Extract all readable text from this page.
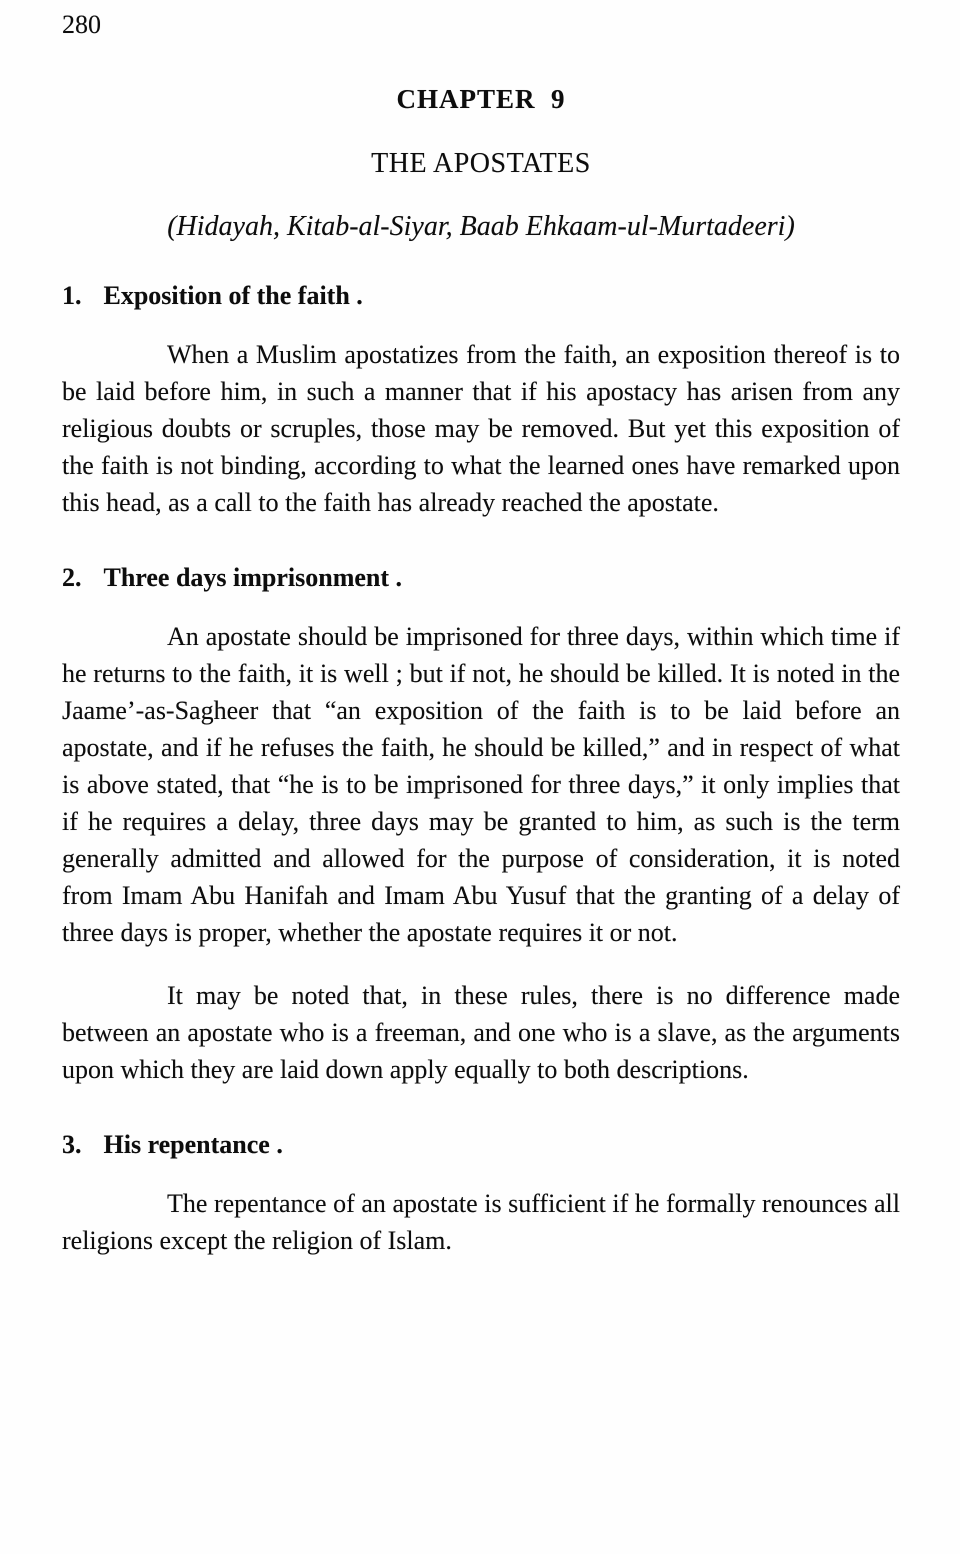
280
CHAPTER  9
THE APOSTATES
(Hidayah, Kitab-al-Siyar, Baab Ehkaam-ul-Murtadeeri)
1. Exposition of the faith .

When a Muslim apostatizes from the faith, an exposition thereof is to be laid before him, in such a manner that if his apostacy has arisen from any religious doubts or scruples, those may be removed. But yet this exposition of the faith is not binding, according to what the learned ones have remarked upon this head, as a call to the faith has already reached the apostate.

2. Three days imprisonment .

An apostate should be imprisoned for three days, within which time if he returns to the faith, it is well ; but if not, he should be killed. It is noted in the Jaame’-as-Sagheer that “an exposition of the faith is to be laid before an apostate, and if he refuses the faith, he should be killed,” and in respect of what is above stated, that “he is to be imprisoned for three days,” it only implies that if he requires a delay, three days may be granted to him, as such is the term generally admitted and allowed for the purpose of consideration, it is noted from Imam Abu Hanifah and Imam Abu Yusuf that the granting of a delay of three days is proper, whether the apostate requires it or not.

It may be noted that, in these rules, there is no difference made between an apostate who is a freeman, and one who is a slave, as the arguments upon which they are laid down apply equally to both descriptions.

3. His repentance .

The repentance of an apostate is sufficient if he formally renounces all religions except the religion of Islam.
